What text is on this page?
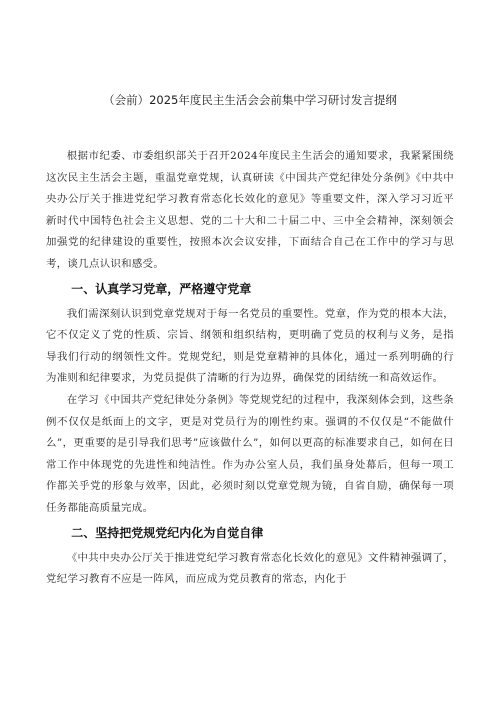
（会前）2025年度民主生活会会前集中学习研讨发言提纲

根据市纪委、市委组织部关于召开2024年度民主生活会的通知要求，我紧紧围绕这次民主生活会主题，重温党章党规，认真研读《中国共产党纪律处分条例》《中共中央办公厅关于推进党纪学习教育常态化长效化的意见》等重要文件，深入学习习近平新时代中国特色社会主义思想、党的二十大和二十届二中、三中全会精神，深刻领会加强党的纪律建设的重要性，按照本次会议安排，下面结合自己在工作中的学习与思考，谈几点认识和感受。

一、认真学习党章，严格遵守党章

我们需深刻认识到党章党规对于每一名党员的重要性。党章，作为党的根本大法，它不仅定义了党的性质、宗旨、纲领和组织结构，更明确了党员的权利与义务，是指导我们行动的纲领性文件。党规党纪，则是党章精神的具体化，通过一系列明确的行为准则和纪律要求，为党员提供了清晰的行为边界，确保党的团结统一和高效运作。

在学习《中国共产党纪律处分条例》等党规党纪的过程中，我深刻体会到，这些条例不仅仅是纸面上的文字，更是对党员行为的刚性约束。强调的不仅仅是“不能做什么”，更重要的是引导我们思考”应该做什么”，如何以更高的标准要求自己，如何在日常工作中体现党的先进性和纯洁性。作为办公室人员，我们虽身处幕后，但每一项工作都关乎党的形象与效率，因此，必须时刻以党章党规为镜，自省自励，确保每一项任务都能高质量完成。

二、坚持把党规党纪内化为自觉自律

《中共中央办公厅关于推进党纪学习教育常态化长效化的意见》文件精神强调了，党纪学习教育不应是一阵风，而应成为党员教育的常态，内化于
